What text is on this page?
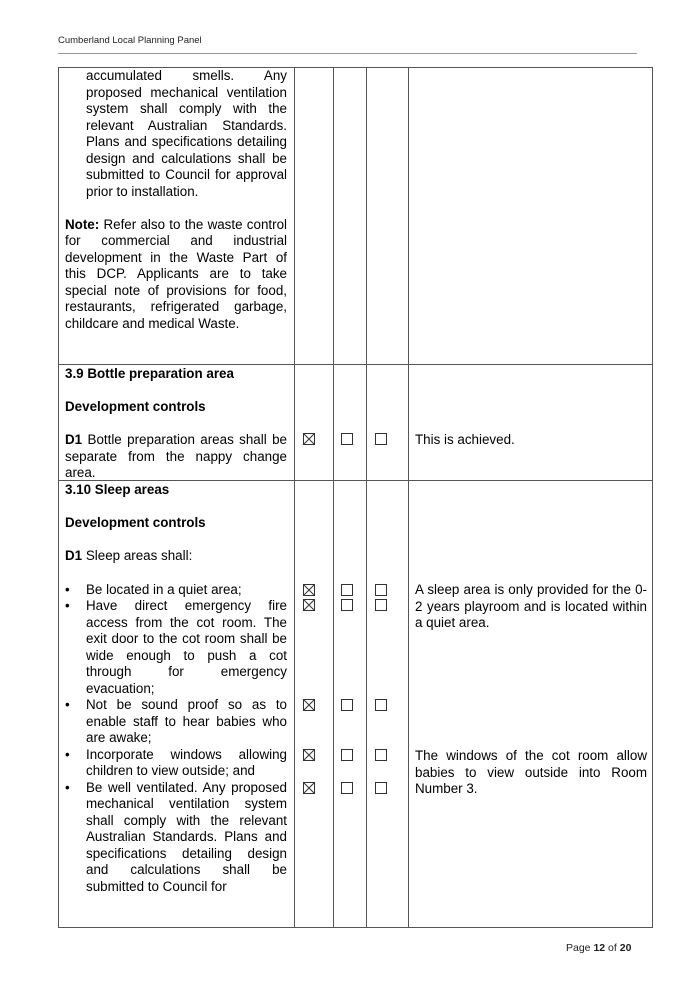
Cumberland Local Planning Panel

accumulated smells. Any proposed mechanical ventilation system shall comply with the relevant Australian Standards. Plans and specifications detailing design and calculations shall be submitted to Council for approval prior to installation.

Note: Refer also to the waste control for commercial and industrial development in the Waste Part of this DCP. Applicants are to take special note of provisions for food, restaurants, refrigerated garbage, childcare and medical Waste.

3.9 Bottle preparation area

Development controls

D1 Bottle preparation areas shall be separate from the nappy change area.

This is achieved.

3.10 Sleep areas

Development controls

D1 Sleep areas shall:

• Be located in a quiet area;
• Have direct emergency fire access from the cot room. The exit door to the cot room shall be wide enough to push a cot through for emergency evacuation;
• Not be sound proof so as to enable staff to hear babies who are awake;
• Incorporate windows allowing children to view outside; and
• Be well ventilated. Any proposed mechanical ventilation system shall comply with the relevant Australian Standards. Plans and specifications detailing design and calculations shall be submitted to Council for
A sleep area is only provided for the 0-2 years playroom and is located within a quiet area.
The windows of the cot room allow babies to view outside into Room Number 3.
Page 12 of 20
